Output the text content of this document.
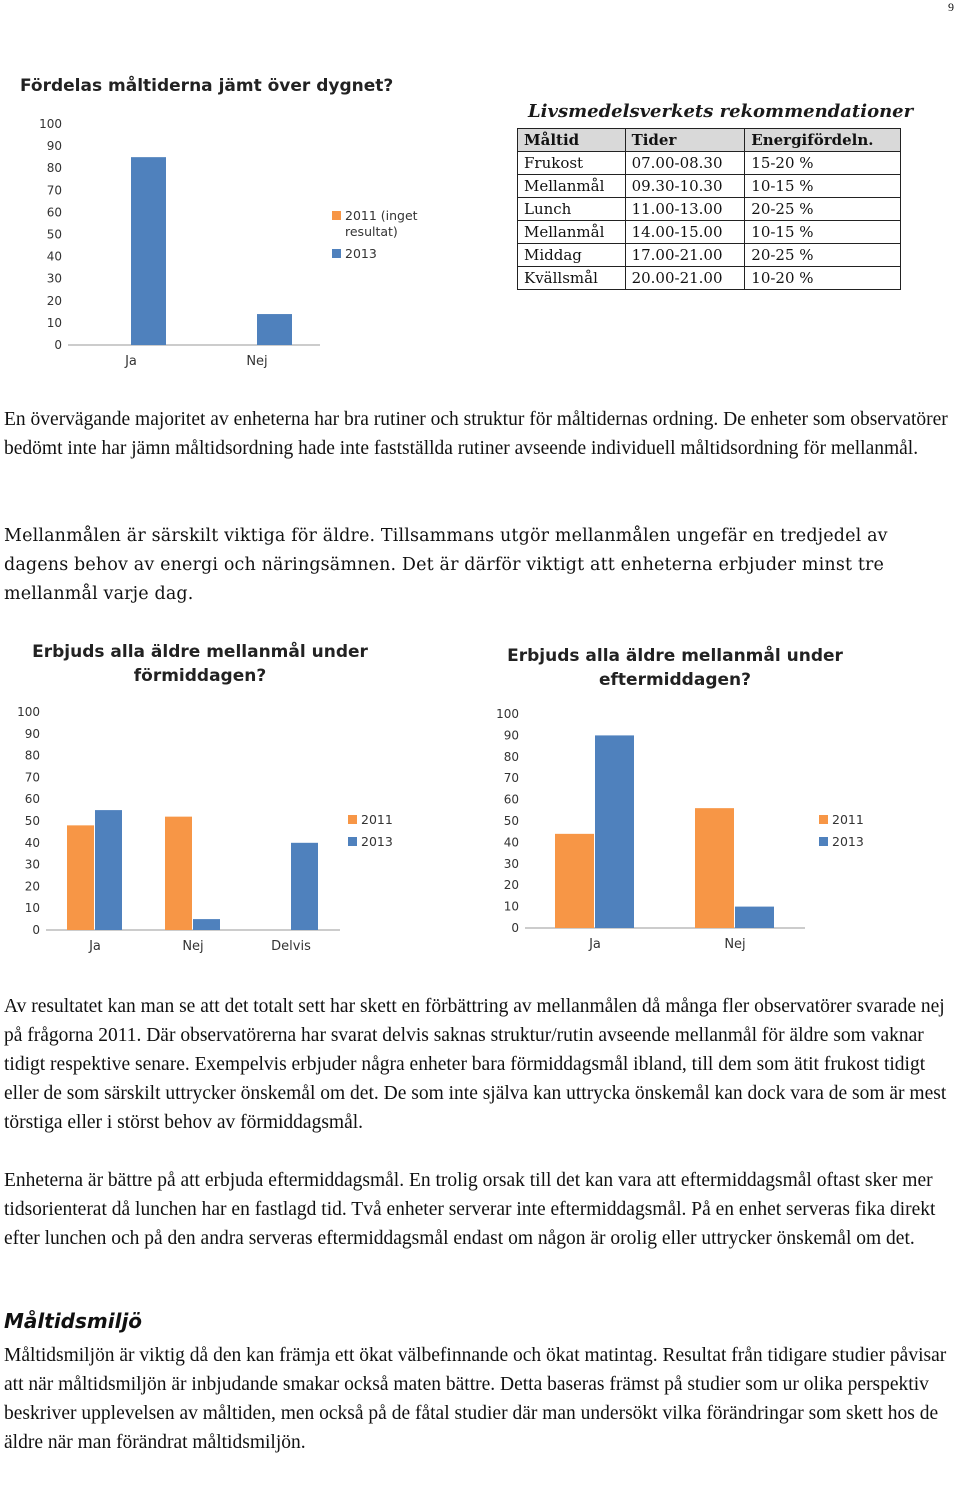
9
Fördelas måltiderna jämt över dygnet?
0
10
20
30
40
50
60
70
80
90
100
Ja	Nej
2011 (inget
resultat)
2013
Livsmedelsverkets rekommendationer
Måltid	Tider	Energifördeln.
Frukost	07.00-08.30	15-20 %
Mellanmål	09.30-10.30	10-15 %
Lunch	11.00-13.00	20-25 %
Mellanmål	14.00-15.00	10-15 %
Middag	17.00-21.00	20-25 %
Kvällsmål	20.00-21.00	10-20 %
En övervägande majoritet av enheterna har bra rutiner och struktur för måltidernas ordning. De enheter som observatörer bedömt inte har jämn måltidsordning hade inte fastställda rutiner avseende individuell måltidsordning för mellanmål.
Mellanmålen är särskilt viktiga för äldre. Tillsammans utgör mellanmålen ungefär en tredjedel av dagens behov av energi och näringsämnen. Det är därför viktigt att enheterna erbjuder minst tre mellanmål varje dag.
Erbjuds alla äldre mellanmål under förmiddagen?
0
10
20
30
40
50
60
70
80
90
100
Ja	Nej	Delvis
2011
2013
Erbjuds alla äldre mellanmål under eftermiddagen?
0
10
20
30
40
50
60
70
80
90
100
Ja	Nej
2011
2013
Av resultatet kan man se att det totalt sett har skett en förbättring av mellanmålen då många fler observatörer svarade nej på frågorna 2011. Där observatörerna har svarat delvis saknas struktur/rutin avseende mellanmål för äldre som vaknar tidigt respektive senare. Exempelvis erbjuder några enheter bara förmiddagsmål ibland, till dem som ätit frukost tidigt eller de som särskilt uttrycker önskemål om det. De som inte själva kan uttrycka önskemål kan dock vara de som är mest törstiga eller i störst behov av förmiddagsmål.
Enheterna är bättre på att erbjuda eftermiddagsmål. En trolig orsak till det kan vara att eftermiddagsmål oftast sker mer tidsorienterat då lunchen har en fastlagd tid. Två enheter serverar inte eftermiddagsmål. På en enhet serveras fika direkt efter lunchen och på den andra serveras eftermiddagsmål endast om någon är orolig eller uttrycker önskemål om det.
Måltidsmiljö
Måltidsmiljön är viktig då den kan främja ett ökat välbefinnande och ökat matintag. Resultat från tidigare studier påvisar att när måltidsmiljön är inbjudande smakar också maten bättre. Detta baseras främst på studier som ur olika perspektiv beskriver upplevelsen av måltiden, men också på de fåtal studier där man undersökt vilka förändringar som skett hos de äldre när man förändrat måltidsmiljön.
